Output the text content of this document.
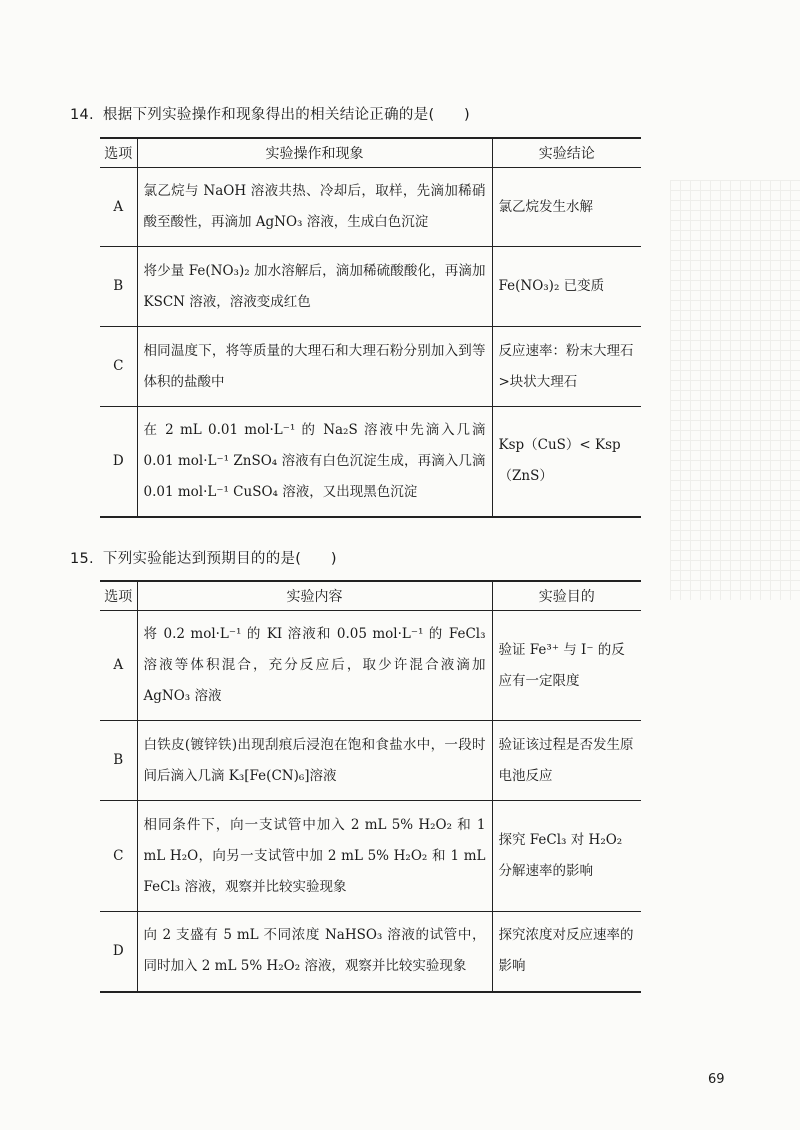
14. 根据下列实验操作和现象得出的相关结论正确的是(　　)
选项	实验操作和现象	实验结论
A	氯乙烷与 NaOH 溶液共热、冷却后，取样，先滴加稀硝酸至酸性，再滴加 AgNO₃ 溶液，生成白色沉淀	氯乙烷发生水解
B	将少量 Fe(NO₃)₂ 加水溶解后，滴加稀硫酸酸化，再滴加 KSCN 溶液，溶液变成红色	Fe(NO₃)₂ 已变质
C	相同温度下，将等质量的大理石和大理石粉分别加入到等体积的盐酸中	反应速率：粉末大理石>块状大理石
D	在 2 mL 0.01 mol·L⁻¹ 的 Na₂S 溶液中先滴入几滴 0.01 mol·L⁻¹ ZnSO₄ 溶液有白色沉淀生成，再滴入几滴 0.01 mol·L⁻¹ CuSO₄ 溶液，又出现黑色沉淀	Ksp（CuS）< Ksp（ZnS）
15. 下列实验能达到预期目的的是(　　)
选项	实验内容	实验目的
A	将 0.2 mol·L⁻¹ 的 KI 溶液和 0.05 mol·L⁻¹ 的 FeCl₃ 溶液等体积混合，充分反应后，取少许混合液滴加 AgNO₃ 溶液	验证 Fe³⁺ 与 I⁻ 的反应有一定限度
B	白铁皮(镀锌铁)出现刮痕后浸泡在饱和食盐水中，一段时间后滴入几滴 K₃[Fe(CN)₆]溶液	验证该过程是否发生原电池反应
C	相同条件下，向一支试管中加入 2 mL 5% H₂O₂ 和 1 mL H₂O，向另一支试管中加 2 mL 5% H₂O₂ 和 1 mL FeCl₃ 溶液，观察并比较实验现象	探究 FeCl₃ 对 H₂O₂ 分解速率的影响
D	向 2 支盛有 5 mL 不同浓度 NaHSO₃ 溶液的试管中，同时加入 2 mL 5% H₂O₂ 溶液，观察并比较实验现象	探究浓度对反应速率的影响
69
